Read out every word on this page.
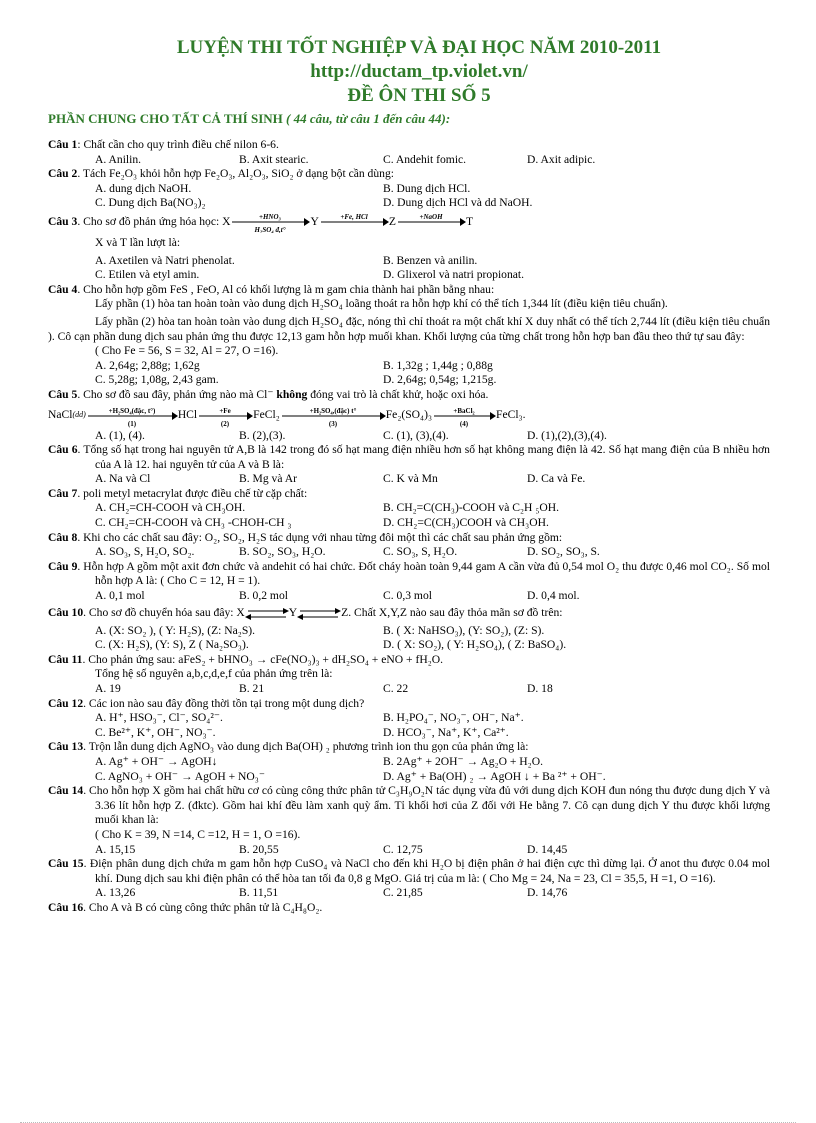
LUYỆN THI TỐT NGHIỆP VÀ ĐẠI HỌC NĂM 2010-2011
http://ductam_tp.violet.vn/
ĐỀ ÔN THI SỐ 5
PHẦN CHUNG CHO TẤT CẢ THÍ SINH ( 44 câu, từ câu 1 đến câu 44):
Câu 1: Chất cần cho quy trình điều chế nilon 6-6.
A. Anilin.	B. Axit stearic.	C. Andehit fomic.	D. Axit adipic.
Câu 2. Tách Fe₂O₃ khỏi hỗn hợp Fe₂O₃, Al₂O₃, SiO₂ ở dạng bột cần dùng:
A. dung dịch NaOH.	B. Dung dịch HCl.
C. Dung dịch Ba(NO₃)₂	D. Dung dịch HCl và dd NaOH.
Câu 3 . Cho sơ đồ phản ứng hóa học: X	+HNO₃
H₂SO₄ đ,t°
Y	+Fe, HCl Z	+NaOH T
X và T lần lượt là:
A. Axetilen và Natri phenolat.	B. Benzen và anilin.
C. Etilen và etyl amin.	D. Glixerol và natri propionat.
Câu 4. Cho hỗn hợp gồm FeS , FeO, Al có khối lượng là m gam chia thành hai phần bằng nhau:
Lấy phần (1) hòa tan hoàn toàn vào dung dịch H₂SO₄ loãng thoát ra hỗn hợp khí có thể tích 1,344 lít (điều kiện tiêu chuẩn).
Lấy phần (2) hòa tan hoàn toàn vào dung dịch H₂SO₄ đặc, nóng thì chỉ thoát ra một chất khí X duy nhất có thể tích 2,744 lít (điều kiện tiêu chuẩn ). Cô cạn phần dung dịch sau phản ứng thu được 12,13 gam hỗn hợp muối khan. Khối lượng của từng chất trong hỗn hợp ban đầu theo thứ tự sau đây:
( Cho Fe = 56, S = 32, Al = 27, O =16).
A. 2,64g; 2,88g; 1,62g	B. 1,32g ; 1,44g ; 0,88g
C. 5,28g; 1,08g, 2,43 gam.	D. 2,64g; 0,54g; 1,215g.
Câu 5. Cho sơ đồ sau đây, phản ứng nào mà Cl⁻ không đóng vai trò là chất khử, hoặc oxi hóa.
NaCl (dd)	+H₂SO₄(đặc, t°)
(1)
HCl	+Fe
(2)
FeCl₂	+H₂SO₄,(đặc) t°
(3)
Fe₂(SO₄)₃	+BaCl₂
(4)
FeCl₃.
A. (1), (4).	B. (2),(3).	C. (1), (3),(4).	D. (1),(2),(3),(4).
Câu 6. Tổng số hạt trong hai nguyên tử A,B là 142 trong đó số hạt mang điện nhiều hơn số hạt không mang điện là 42. Số hạt mang điện của B nhiều hơn của A là 12. hai nguyên tử của A và B là:
A. Na và Cl	B. Mg và Ar	C. K và Mn	D. Ca và Fe.
Câu 7. poli metyl metacrylat được điều chế từ cặp chất:
A. CH₂=CH-COOH và CH₃OH.	B. CH₂=C(CH₃)-COOH và C₂H ₅OH.
C. CH₂=CH-COOH và CH₃ -CHOH-CH ₃	D. CH₂=C(CH₃)COOH và CH₃OH.
Câu 8. Khi cho các chất sau đây: O₂, SO₂, H₂S tác dụng với nhau từng đôi một thì các chất sau phản ứng gồm:
A. SO₃, S, H₂O, SO₂.	B. SO₂, SO₃, H₂O.	C. SO₃, S, H₂O.	D. SO₂, SO₃, S.
Câu 9. Hỗn hợp A gồm một axit đơn chức và andehit có hai chức. Đốt cháy hoàn toàn 9,44 gam A cần vừa đủ 0,54 mol O₂ thu được 0,46 mol CO₂. Số mol hỗn hợp A là: ( Cho C = 12, H = 1).
A. 0,1 mol	B. 0,2 mol	C. 0,3 mol	D. 0,4 mol.
Câu 10 . Cho sơ đồ chuyển hóa sau đây: X ⇌ Y ⇌ Z. Chất X,Y,Z nào sau đây thỏa mãn sơ đồ trên:
A. (X: SO₂ ), ( Y: H₂S), (Z: Na₂S).	B. ( X: NaHSO₃), (Y: SO₂), (Z: S).
C. (X: H₂S), (Y: S), Z ( Na₂SO₃).	D. ( X: SO₂), ( Y: H₂SO₄), ( Z: BaSO₄).
Câu 11. Cho phản ứng sau: aFeS₂ + bHNO₃ → cFe(NO₃)₃ + dH₂SO₄ + eNO + fH₂O.
Tổng hệ số nguyên a,b,c,d,e,f của phản ứng trên là:
A. 19	B. 21	C. 22	D. 18
Câu 12. Các ion nào sau đây đồng thời tồn tại trong một dung dịch?
A. H⁺, HSO₃⁻, Cl⁻, SO₄²⁻.	B. H₂PO₄⁻, NO₃⁻, OH⁻, Na⁺.
C. Be²⁺, K⁺, OH⁻, NO₃⁻.	D. HCO₃⁻, Na⁺, K⁺, Ca²⁺.
Câu 13. Trộn lẫn dung dịch AgNO₃ vào dung dịch Ba(OH) ₂ phương trình ion thu gọn của phản ứng là:
A. Ag⁺ + OH⁻ → AgOH↓	B. 2Ag⁺ + 2OH⁻ → Ag₂O + H₂O.
C. AgNO₃ + OH⁻ → AgOH + NO₃⁻	D. Ag⁺ + Ba(OH) ₂ → AgOH ↓ + Ba ²⁺ + OH⁻.
Câu 14. Cho hỗn hợp X gồm hai chất hữu cơ có cùng công thức phân tử C₃H₉O₂N tác dụng vừa đủ với dung dịch KOH đun nóng thu được dung dịch Y và 3.36 lít hỗn hợp Z. (đktc). Gồm hai khí đều làm xanh quỳ ẩm. Tỉ khối hơi của Z đối với He bằng 7. Cô cạn dung dịch Y thu được khối lượng muối khan là:
( Cho K = 39, N =14, C =12, H = 1, O =16).
A. 15,15	B. 20,55	C. 12,75	D. 14,45
Câu 15. Điện phân dung dịch chứa m gam hỗn hợp CuSO₄ và NaCl cho đến khi H₂O bị điện phân ở hai điện cực thì dừng lại. Ở anot thu được 0.04 mol khí. Dung dịch sau khi điện phân có thể hòa tan tối đa 0,8 g MgO. Giá trị của m là: ( Cho Mg = 24, Na = 23, Cl = 35,5, H =1, O =16).
A. 13,26	B. 11,51	C. 21,85	D. 14,76
Câu 16. Cho A và B có cùng công thức phân tử là C₄H₈O₂.
